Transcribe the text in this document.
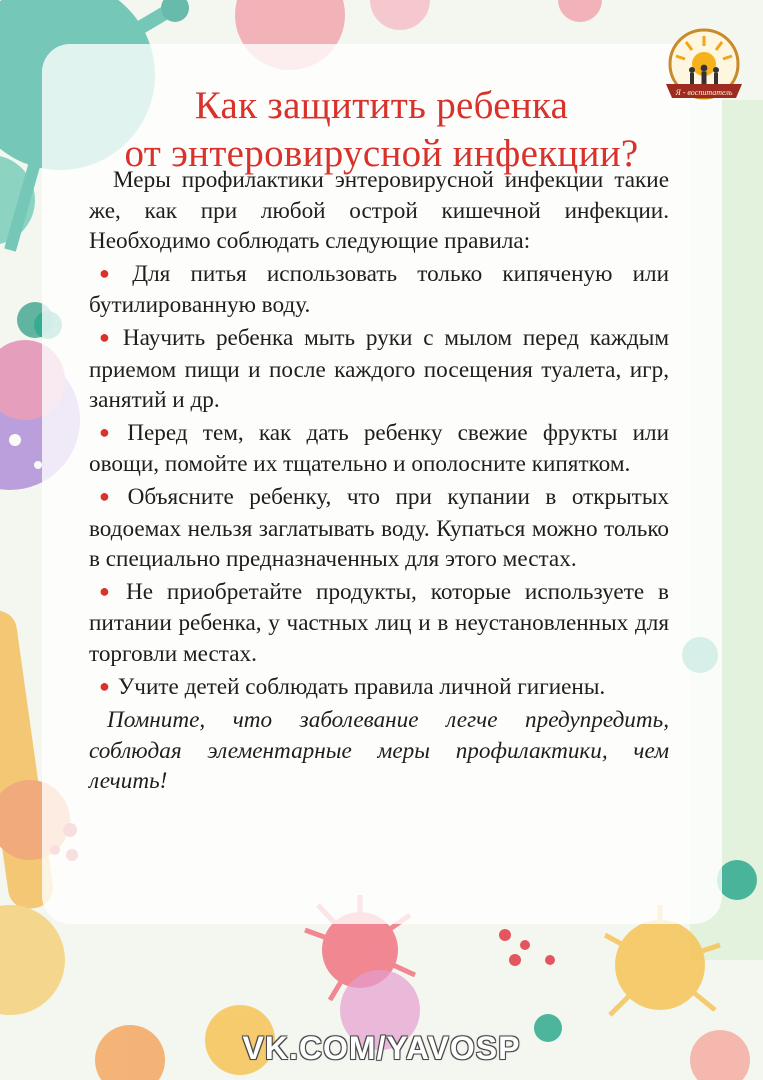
Я - воспитатель
Как защитить ребенка
от энтеровирусной инфекции?

Меры профилактики энтеровирусной инфекции такие же, как при любой острой кишечной инфекции. Необходимо соблюдать следующие правила:

● Для питья использовать только кипяченую или бутилированную воду.

● Научить ребенка мыть руки с мылом перед каждым приемом пищи и после каждого посещения туалета, игр, занятий и др.

● Перед тем, как дать ребенку свежие фрукты или овощи, помойте их тщательно и ополосните кипятком.

● Объясните ребенку, что при купании в открытых водоемах нельзя заглатывать воду. Купаться можно только в специально предназначенных для этого местах.

● Не приобретайте продукты, которые используете в питании ребенка, у частных лиц и в неустановленных для торговли местах.

● Учите детей соблюдать правила личной гигиены.

Помните, что заболевание легче предупредить, соблюдая элементарные меры профилактики, чем лечить!

VK.COM/YAVOSP
